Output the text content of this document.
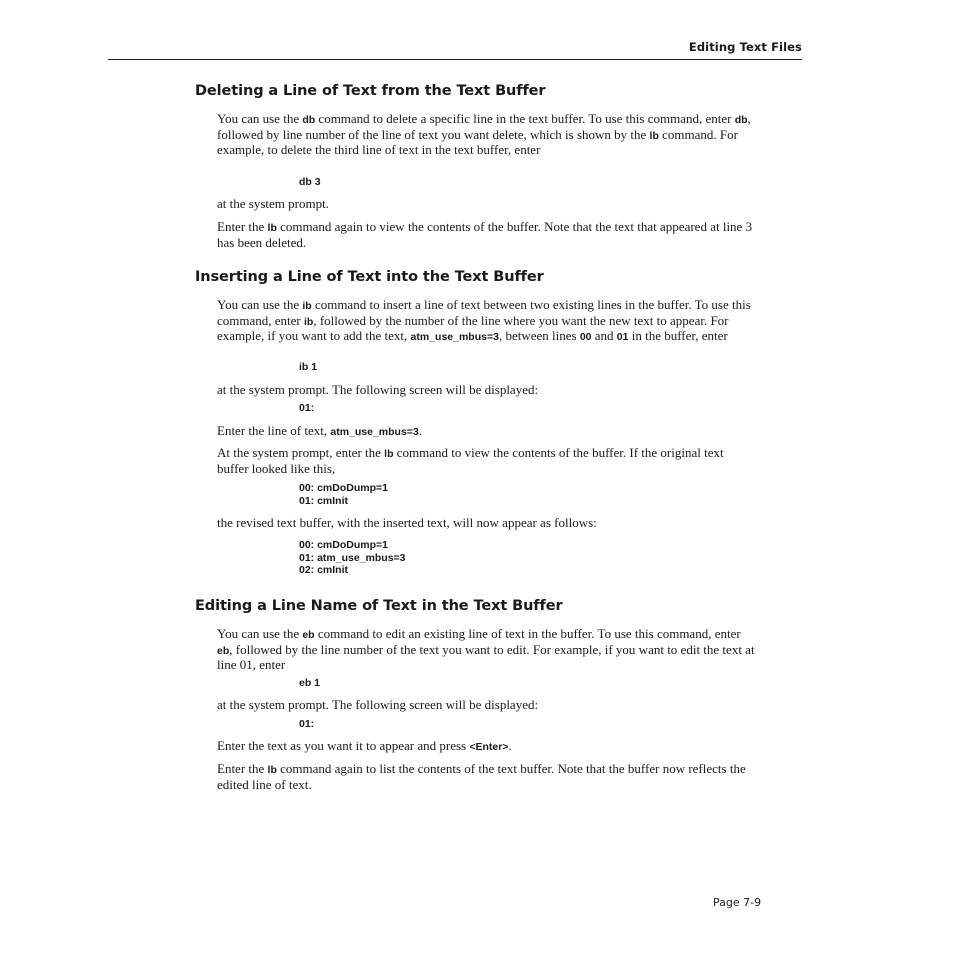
Editing Text Files
Deleting a Line of Text from the Text Buffer

You can use the db command to delete a specific line in the text buffer. To use this command, enter db, followed by line number of the line of text you want delete, which is shown by the lb command. For example, to delete the third line of text in the text buffer, enter

db 3

at the system prompt.

Enter the lb command again to view the contents of the buffer. Note that the text that appeared at line 3 has been deleted.

Inserting a Line of Text into the Text Buffer

You can use the ib command to insert a line of text between two existing lines in the buffer. To use this command, enter ib, followed by the number of the line where you want the new text to appear. For example, if you want to add the text, atm_use_mbus=3, between lines 00 and 01 in the buffer, enter

ib 1

at the system prompt. The following screen will be displayed:

01:

Enter the line of text, atm_use_mbus=3.

At the system prompt, enter the lb command to view the contents of the buffer. If the original text buffer looked like this,

00: cmDoDump=1
01: cmInit

the revised text buffer, with the inserted text, will now appear as follows:

00: cmDoDump=1
01: atm_use_mbus=3
02: cmInit
Editing a Line Name of Text in the Text Buffer

You can use the eb command to edit an existing line of text in the buffer. To use this command, enter eb, followed by the line number of the text you want to edit. For example, if you want to edit the text at line 01, enter

eb 1

at the system prompt. The following screen will be displayed:

01:

Enter the text as you want it to appear and press <Enter>.

Enter the lb command again to list the contents of the text buffer. Note that the buffer now reflects the edited line of text.

Page 7-9
